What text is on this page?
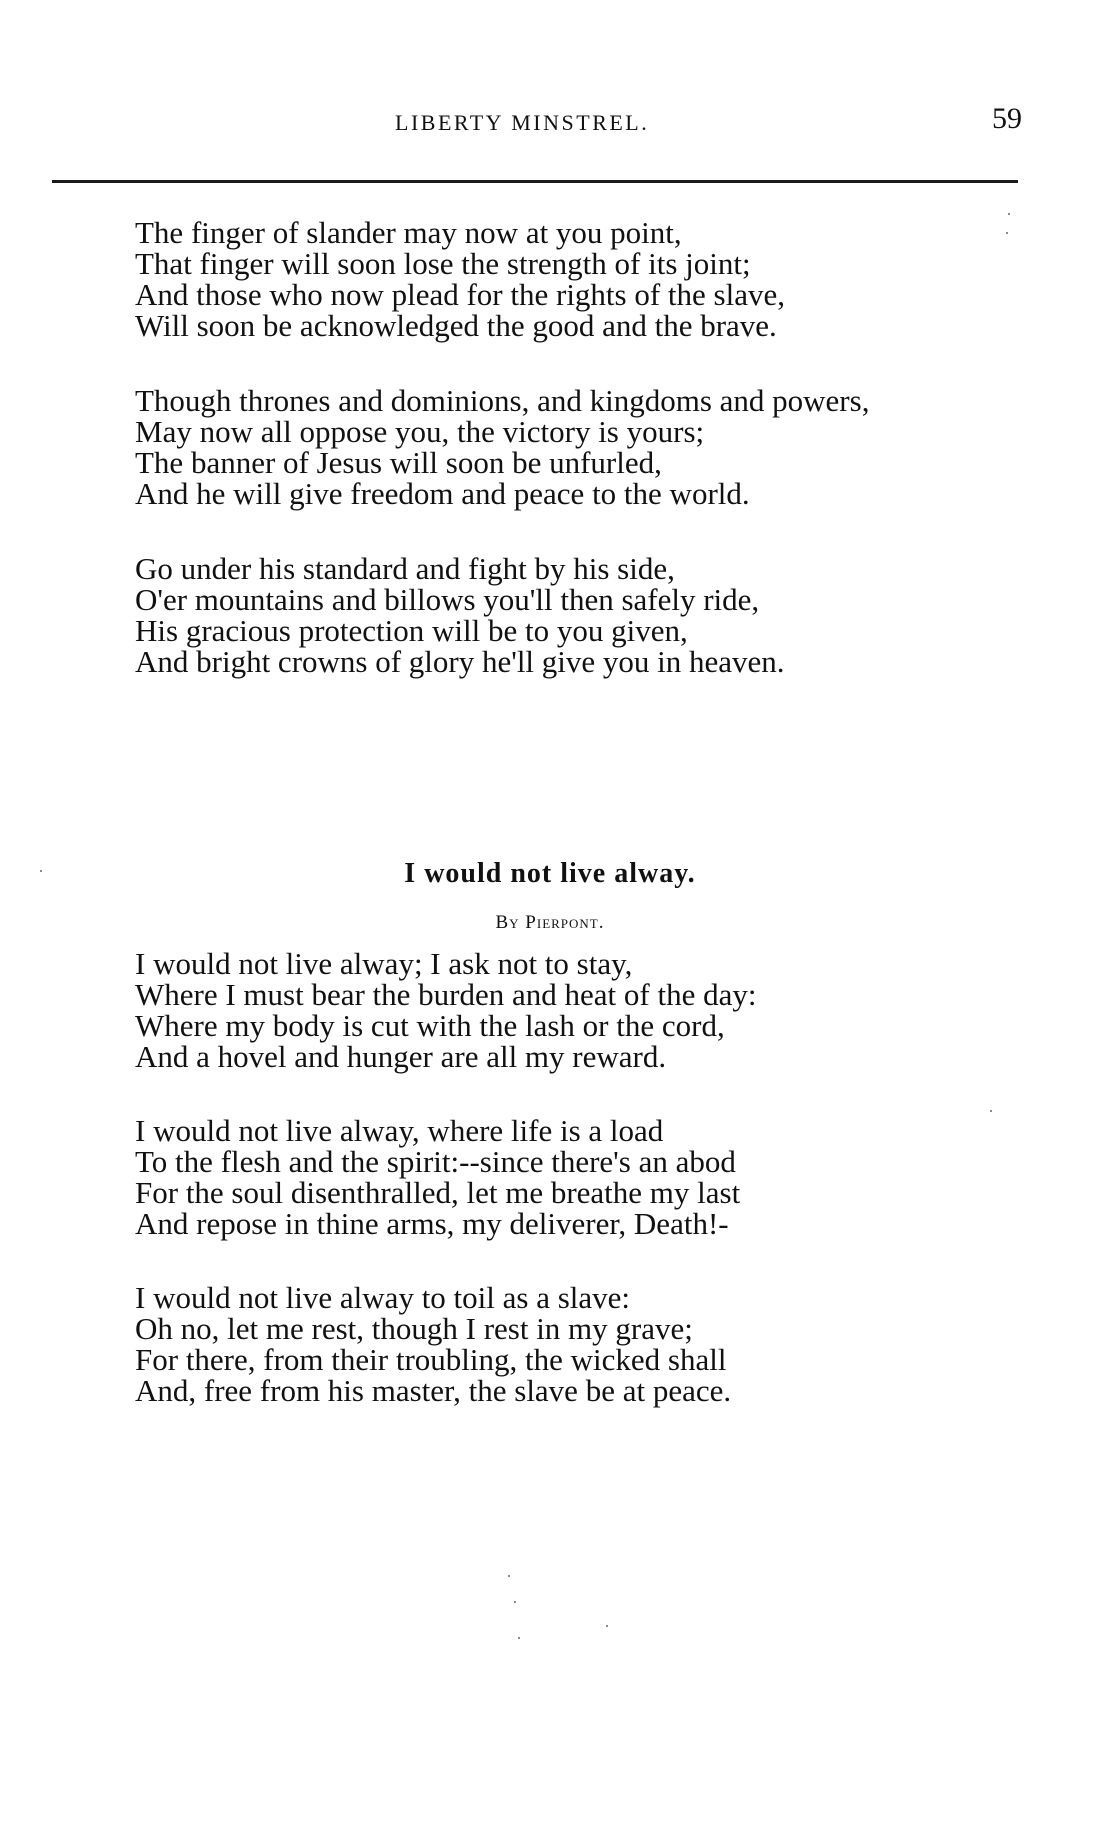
LIBERTY MINSTREL.	59
The finger of slander may now at you point,
That finger will soon lose the strength of its joint;
And those who now plead for the rights of the slave,
Will soon be acknowledged the good and the brave.
Though thrones and dominions, and kingdoms and powers,
May now all oppose you, the victory is yours;
The banner of Jesus will soon be unfurled,
And he will give freedom and peace to the world.
Go under his standard and fight by his side,
O'er mountains and billows you'll then safely ride,
His gracious protection will be to you given,
And bright crowns of glory he'll give you in heaven.
I would not live alway.
By Pierpont.
I would not live alway; I ask not to stay,
Where I must bear the burden and heat of the day:
Where my body is cut with the lash or the cord,
And a hovel and hunger are all my reward.
I would not live alway, where life is a load
To the flesh and the spirit:--since there's an abod
For the soul disenthralled, let me breathe my last
And repose in thine arms, my deliverer, Death!-
I would not live alway to toil as a slave:
Oh no, let me rest, though I rest in my grave;
For there, from their troubling, the wicked shall
And, free from his master, the slave be at peace.
